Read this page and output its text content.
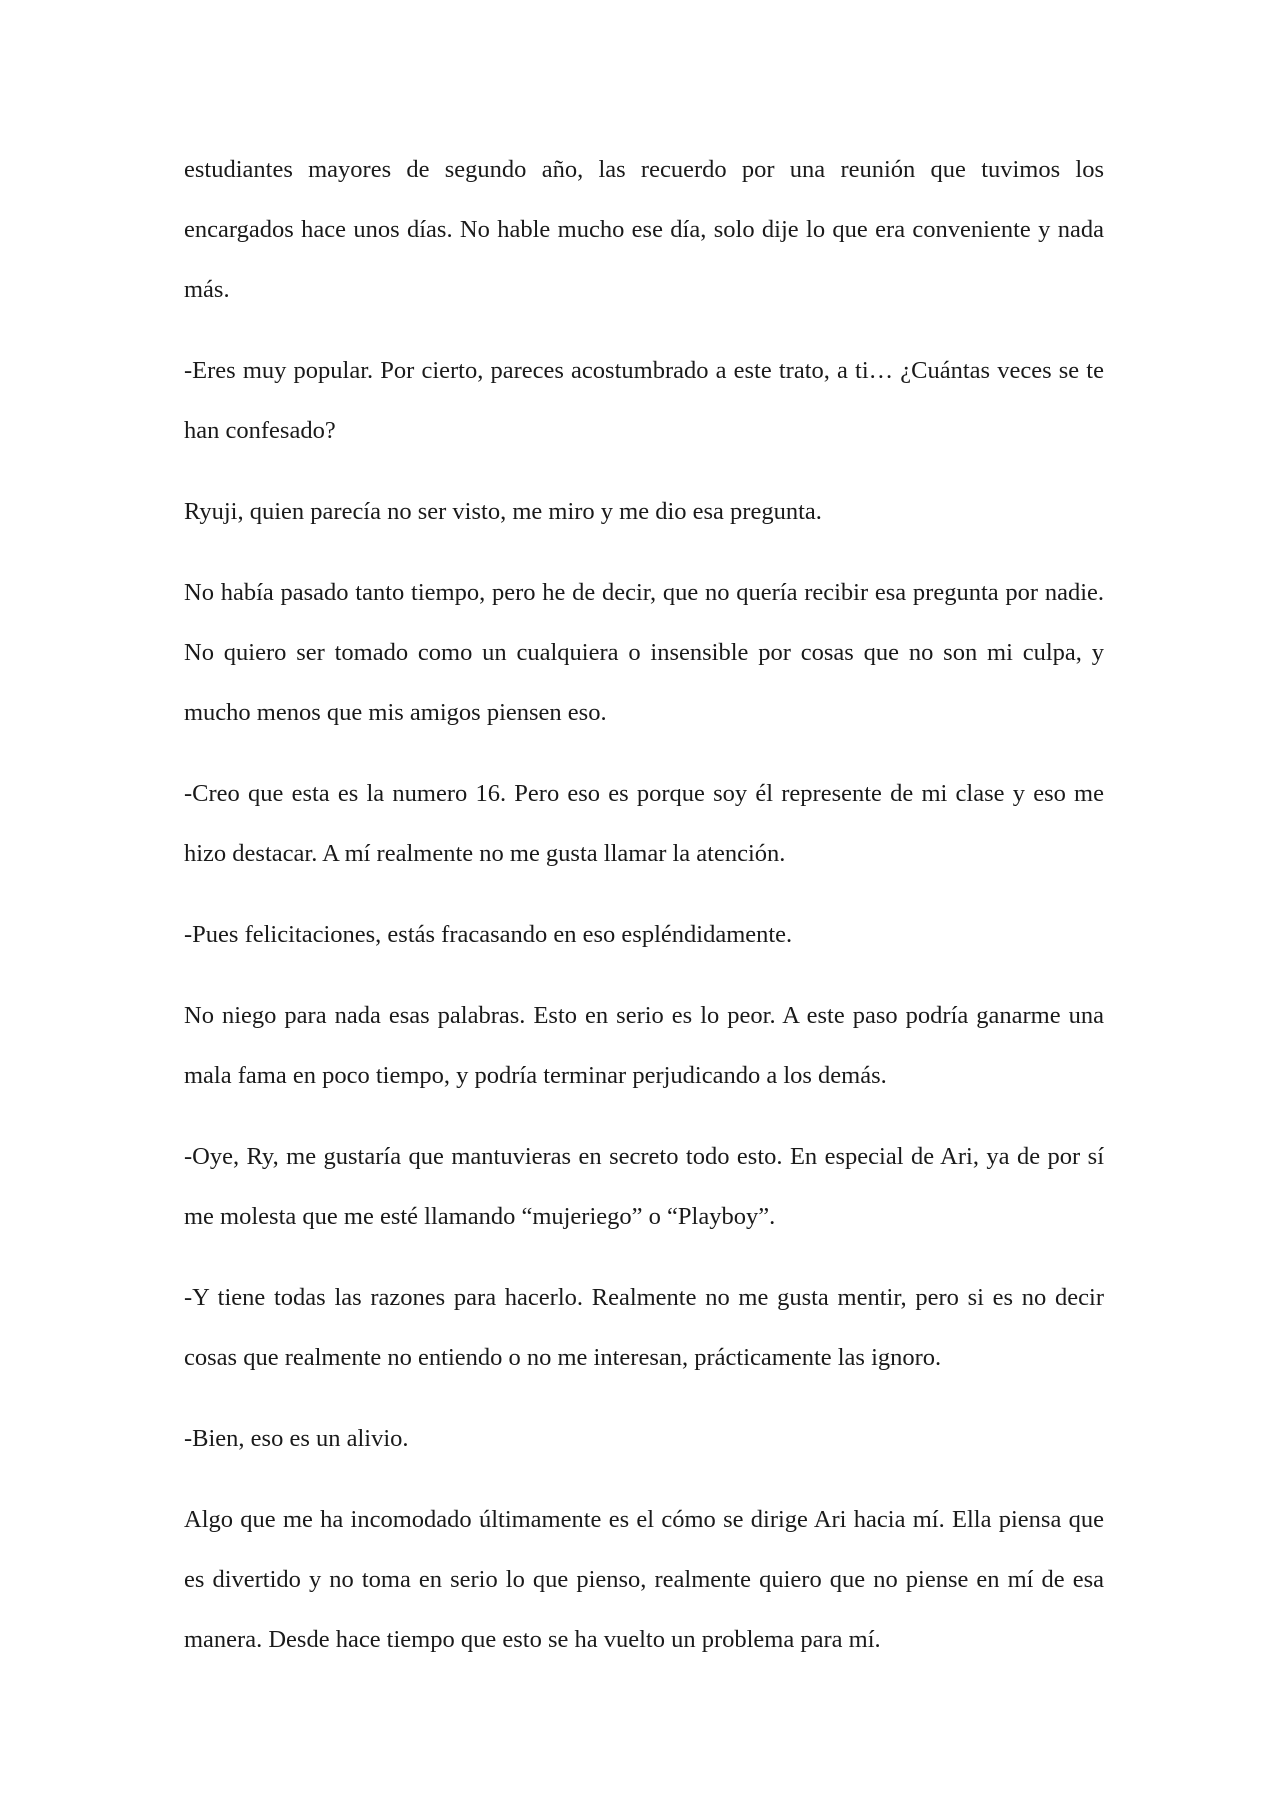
estudiantes mayores de segundo año, las recuerdo por una reunión que tuvimos los encargados hace unos días. No hable mucho ese día, solo dije lo que era conveniente y nada más.

-Eres muy popular. Por cierto, pareces acostumbrado a este trato, a ti… ¿Cuántas veces se te han confesado?

Ryuji, quien parecía no ser visto, me miro y me dio esa pregunta.

No había pasado tanto tiempo, pero he de decir, que no quería recibir esa pregunta por nadie. No quiero ser tomado como un cualquiera o insensible por cosas que no son mi culpa, y mucho menos que mis amigos piensen eso.

-Creo que esta es la numero 16. Pero eso es porque soy él represente de mi clase y eso me hizo destacar. A mí realmente no me gusta llamar la atención.

-Pues felicitaciones, estás fracasando en eso espléndidamente.

No niego para nada esas palabras. Esto en serio es lo peor. A este paso podría ganarme una mala fama en poco tiempo, y podría terminar perjudicando a los demás.

-Oye, Ry, me gustaría que mantuvieras en secreto todo esto. En especial de Ari, ya de por sí me molesta que me esté llamando “mujeriego” o “Playboy”.

-Y tiene todas las razones para hacerlo. Realmente no me gusta mentir, pero si es no decir cosas que realmente no entiendo o no me interesan, prácticamente las ignoro.

-Bien, eso es un alivio.

Algo que me ha incomodado últimamente es el cómo se dirige Ari hacia mí. Ella piensa que es divertido y no toma en serio lo que pienso, realmente quiero que no piense en mí de esa manera. Desde hace tiempo que esto se ha vuelto un problema para mí.
